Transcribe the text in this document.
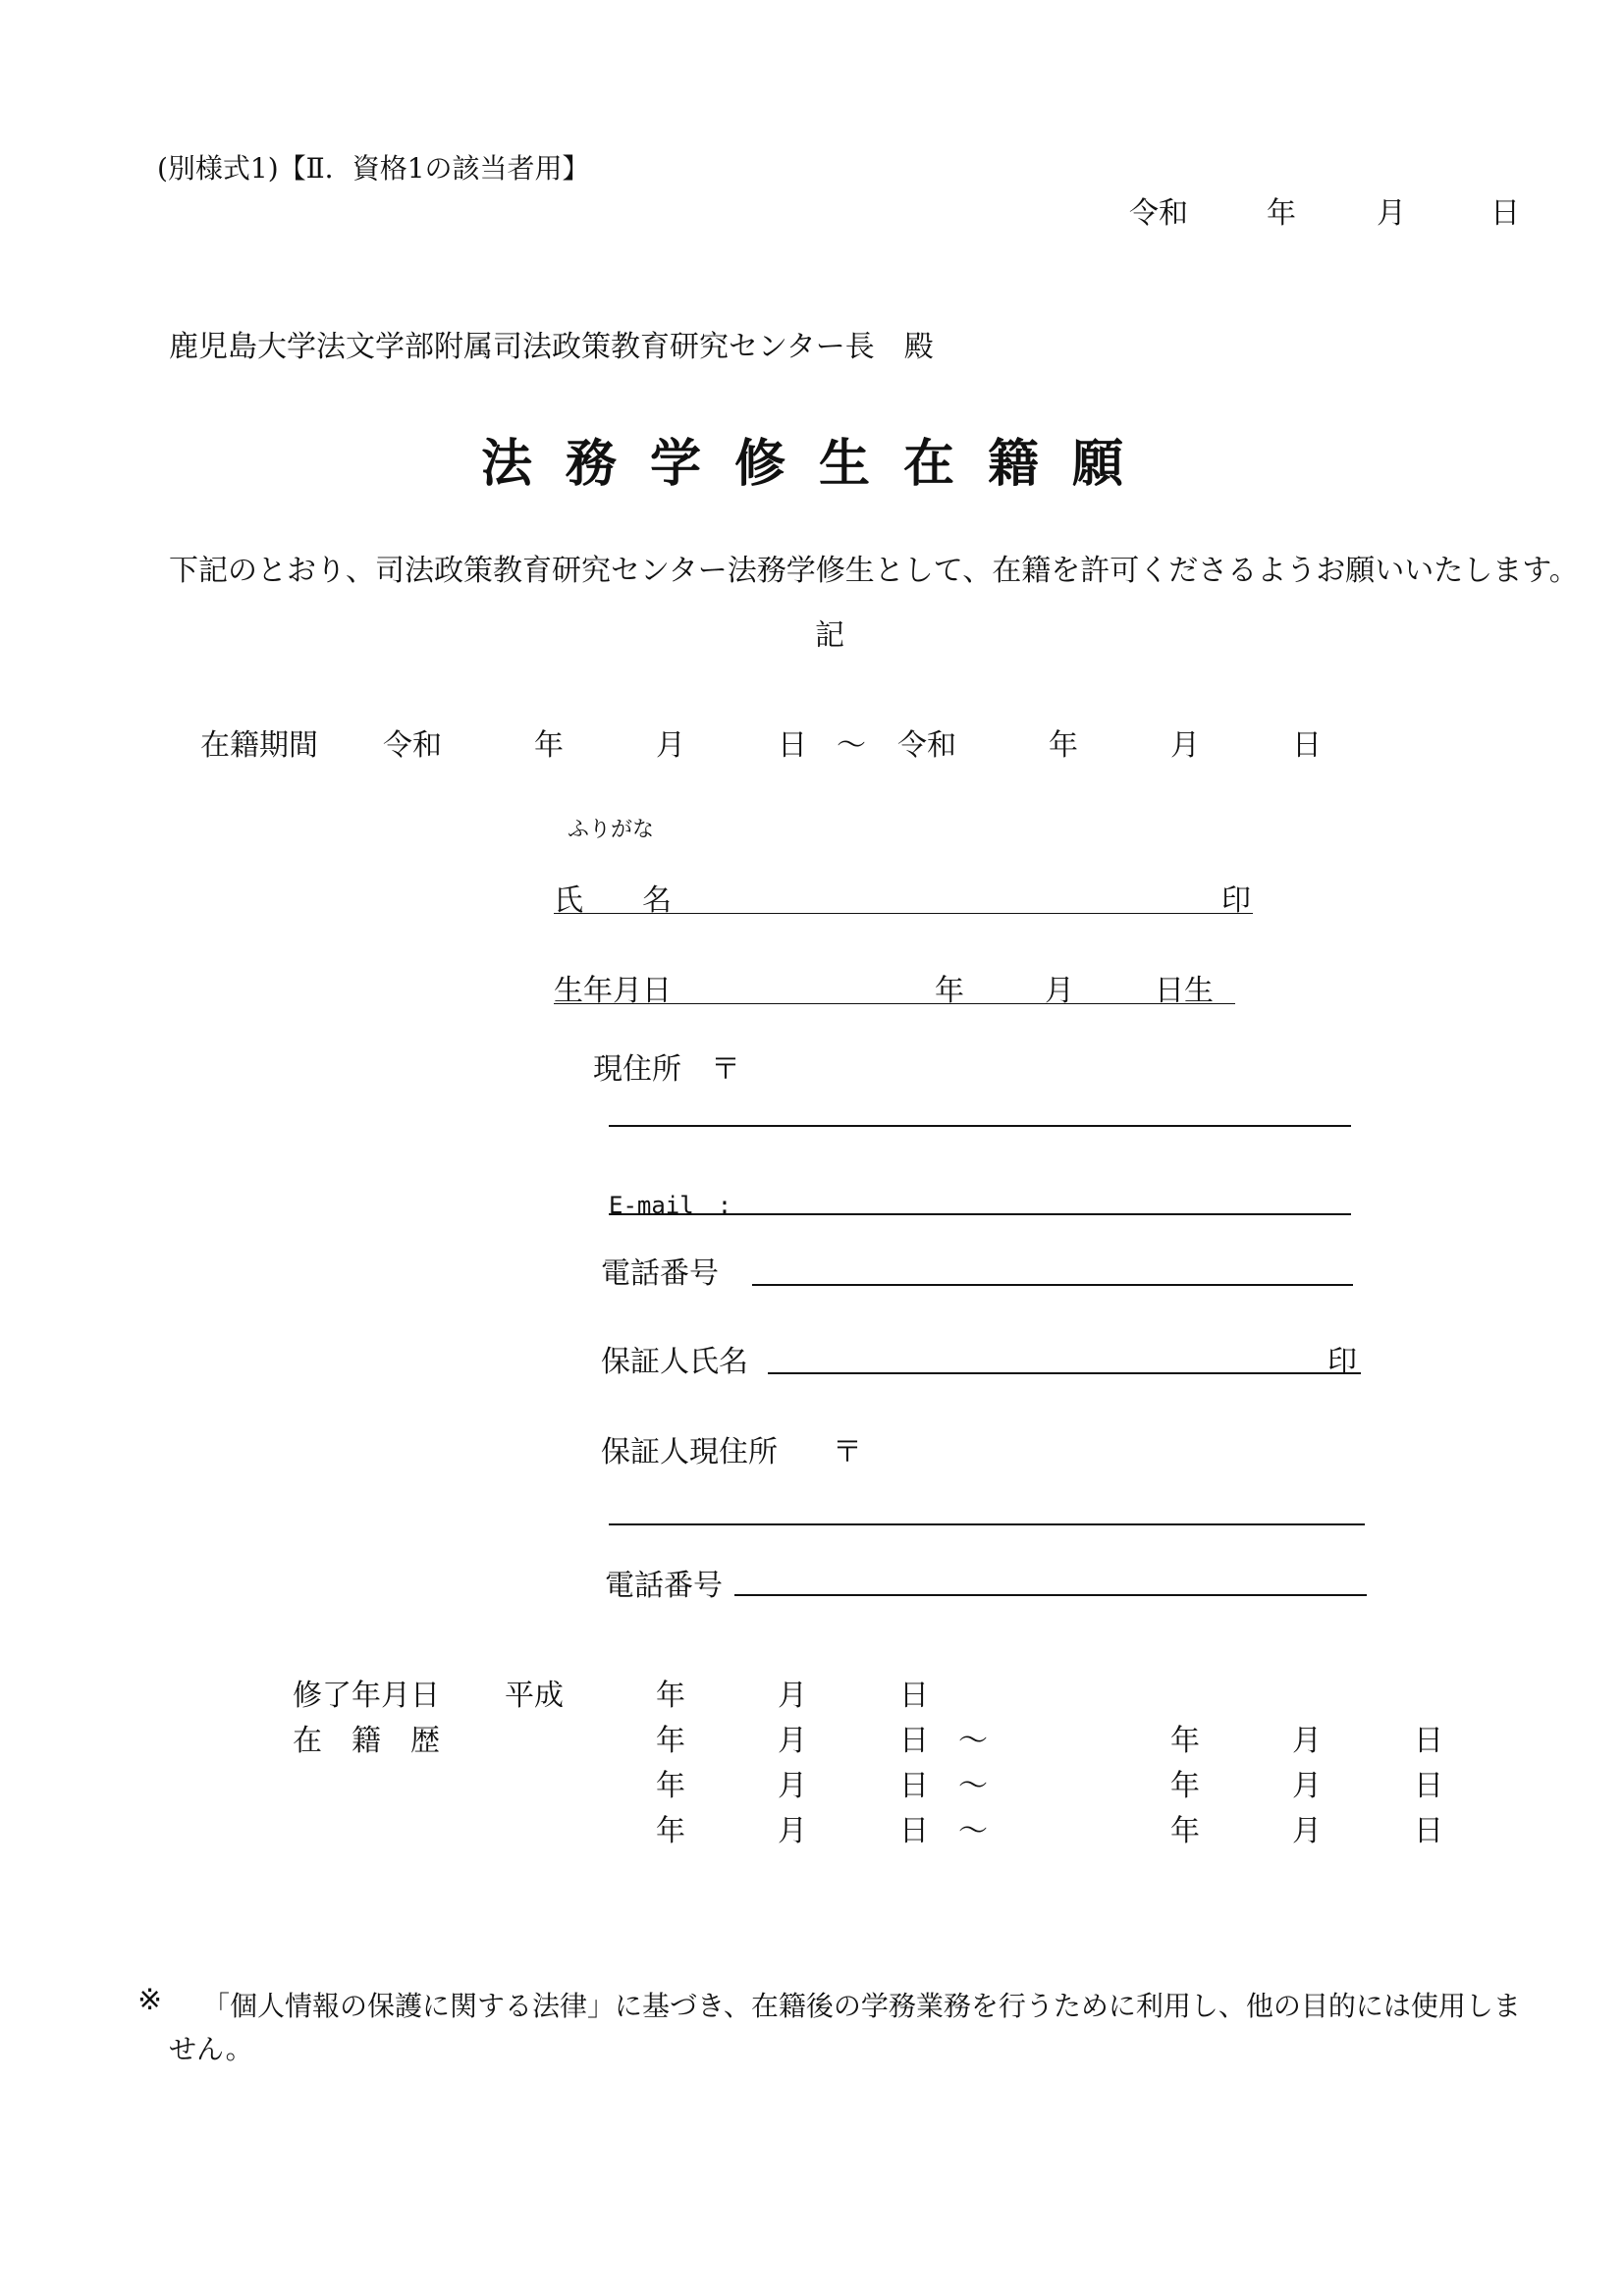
(別様式1)【Ⅱ．資格1の該当者用】
令和	年	月	日
鹿児島大学法文学部附属司法政策教育研究センター長　殿
法務学修生在籍願
下記のとおり、司法政策教育研究センター法務学修生として、在籍を許可くださるようお願いいたします。
記
在籍期間 令和	年	月	日 ～ 令和	年	月	日
ふりがな
氏　　名	印
生年月日	年	月	日生
現住所 〒
E-mail　:
電話番号
保証人氏名	印
保証人現住所 〒
電話番号
修了年月日 平成	年	月	日
在　籍　歴	年	月	日 ～	年	月	日
年	月	日 ～	年	月	日
年	月	日 ～	年	月	日
※ 「個人情報の保護に関する法律」に基づき、在籍後の学務業務を行うために利用し、他の目的には使用しま
せん。
